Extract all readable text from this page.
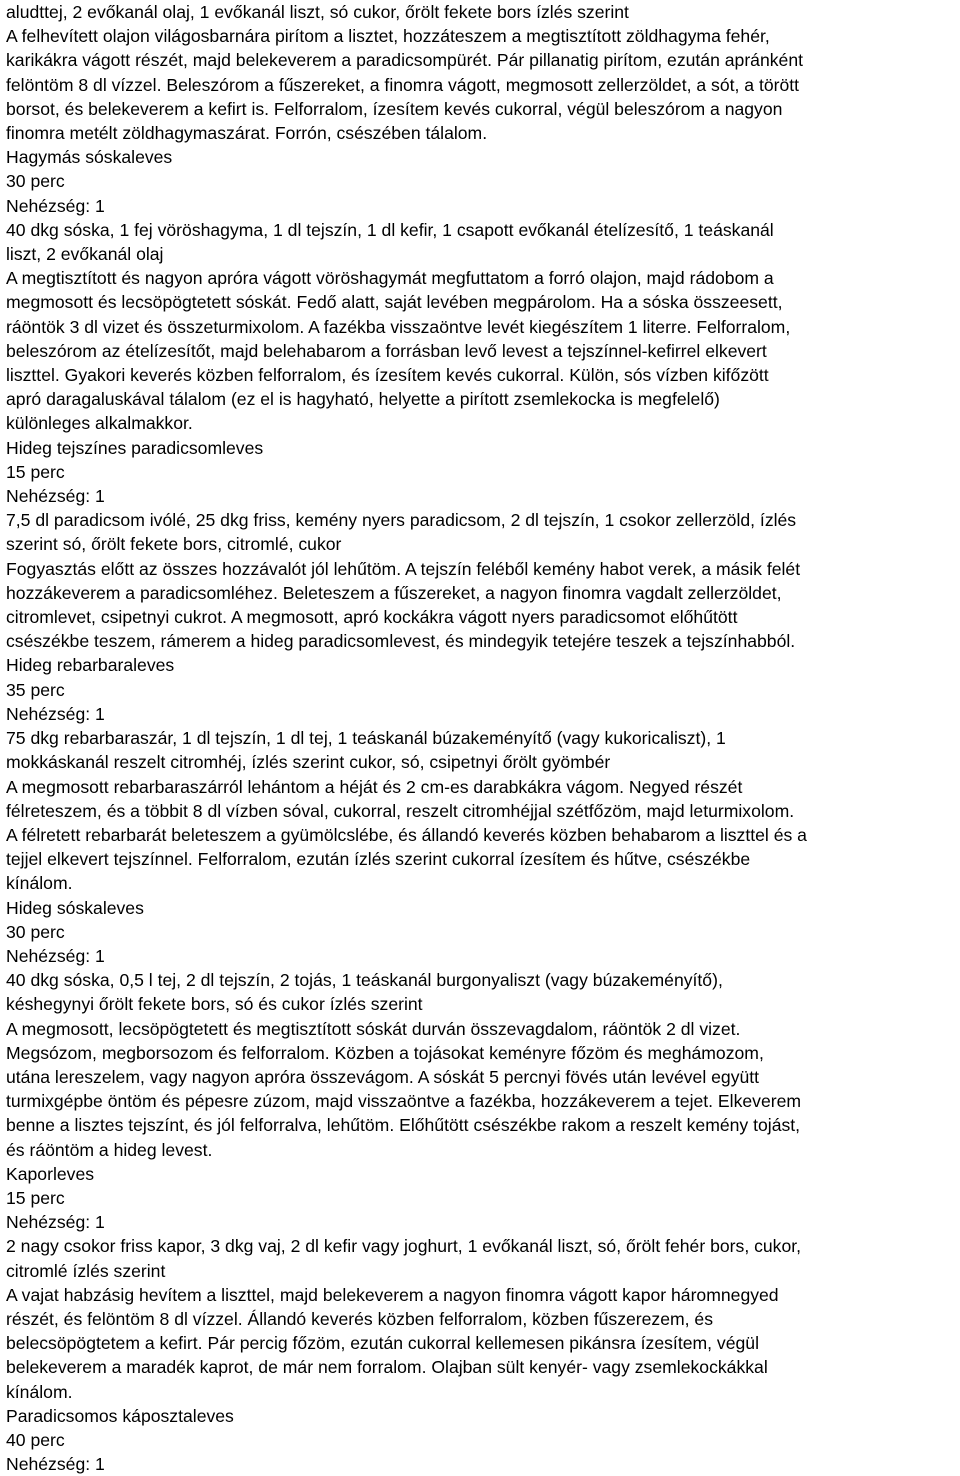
aludttej, 2 evőkanál olaj, 1 evőkanál liszt, só cukor, őrölt fekete bors ízlés szerint

A felhevített olajon világosbarnára pirítom a lisztet, hozzáteszem a megtisztított zöldhagyma fehér,

karikákra vágott részét, majd belekeverem a paradicsompürét. Pár pillanatig pirítom, ezután apránként

felöntöm 8 dl vízzel. Beleszórom a fűszereket, a finomra vágott, megmosott zellerzöldet, a sót, a törött

borsot, és belekeverem a kefirt is. Felforralom, ízesítem kevés cukorral, végül beleszórom a nagyon

finomra metélt zöldhagymaszárat. Forrón, csészében tálalom.

Hagymás sóskaleves

30 perc

Nehézség: 1

40 dkg sóska, 1 fej vöröshagyma, 1 dl tejszín, 1 dl kefir, 1 csapott evőkanál ételízesítő, 1 teáskanál

liszt, 2 evőkanál olaj

A megtisztított és nagyon apróra vágott vöröshagymát megfuttatom a forró olajon, majd rádobom a

megmosott és lecsöpögtetett sóskát. Fedő alatt, saját levében megpárolom. Ha a sóska összeesett,

ráöntök 3 dl vizet és összeturmixolom. A fazékba visszaöntve levét kiegészítem 1 literre. Felforralom,

beleszórom az ételízesítőt, majd belehabarom a forrásban levő levest a tejszínnel-kefirrel elkevert

liszttel. Gyakori keverés közben felforralom, és ízesítem kevés cukorral. Külön, sós vízben kifőzött

apró daragaluskával tálalom (ez el is hagyható, helyette a pirított zsemlekocka is megfelelő)

különleges alkalmakkor.

Hideg tejszínes paradicsomleves

15 perc

Nehézség: 1

7,5 dl paradicsom ivólé, 25 dkg friss, kemény nyers paradicsom, 2 dl tejszín, 1 csokor zellerzöld, ízlés

szerint só, őrölt fekete bors, citromlé, cukor

Fogyasztás előtt az összes hozzávalót jól lehűtöm. A tejszín feléből kemény habot verek, a másik felét

hozzákeverem a paradicsomléhez. Beleteszem a fűszereket, a nagyon finomra vagdalt zellerzöldet,

citromlevet, csipetnyi cukrot. A megmosott, apró kockákra vágott nyers paradicsomot előhűtött

csészékbe teszem, rámerem a hideg paradicsomlevest, és mindegyik tetejére teszek a tejszínhabból.

Hideg rebarbaraleves

35 perc

Nehézség: 1

75 dkg rebarbaraszár, 1 dl tejszín, 1 dl tej, 1 teáskanál búzakeményítő (vagy kukoricaliszt), 1

mokkáskanál reszelt citromhéj, ízlés szerint cukor, só, csipetnyi őrölt gyömbér

A megmosott rebarbaraszárról lehántom a héját és 2 cm-es darabkákra vágom. Negyed részét

félreteszem, és a többit 8 dl vízben sóval, cukorral, reszelt citromhéjjal szétfőzöm, majd leturmixolom.

A félretett rebarbarát beleteszem a gyümölcslébe, és állandó keverés közben behabarom a liszttel és a

tejjel elkevert tejszínnel. Felforralom, ezután ízlés szerint cukorral ízesítem és hűtve, csészékbe

kínálom.

Hideg sóskaleves

30 perc

Nehézség: 1

40 dkg sóska, 0,5 l tej, 2 dl tejszín, 2 tojás, 1 teáskanál burgonyaliszt (vagy búzakeményítő),

késhegynyi őrölt fekete bors, só és cukor ízlés szerint

A megmosott, lecsöpögtetett és megtisztított sóskát durván összevagdalom, ráöntök 2 dl vizet.

Megsózom, megborsozom és felforralom. Közben a tojásokat keményre főzöm és meghámozom,

utána lereszelem, vagy nagyon apróra összevágom. A sóskát 5 percnyi fövés után levével együtt

turmixgépbe öntöm és pépesre zúzom, majd visszaöntve a fazékba, hozzákeverem a tejet. Elkeverem

benne a lisztes tejszínt, és jól felforralva, lehűtöm. Előhűtött csészékbe rakom a reszelt kemény tojást,

és ráöntöm a hideg levest.

Kaporleves

15 perc

Nehézség: 1

2 nagy csokor friss kapor, 3 dkg vaj, 2 dl kefir vagy joghurt, 1 evőkanál liszt, só, őrölt fehér bors, cukor,

citromlé ízlés szerint

A vajat habzásig hevítem a liszttel, majd belekeverem a nagyon finomra vágott kapor háromnegyed

részét, és felöntöm 8 dl vízzel. Állandó keverés közben felforralom, közben fűszerezem, és

belecsöpögtetem a kefirt. Pár percig főzöm, ezután cukorral kellemesen pikánsra ízesítem, végül

belekeverem a maradék kaprot, de már nem forralom. Olajban sült kenyér- vagy zsemlekockákkal

kínálom.

Paradicsomos káposztaleves

40 perc

Nehézség: 1
